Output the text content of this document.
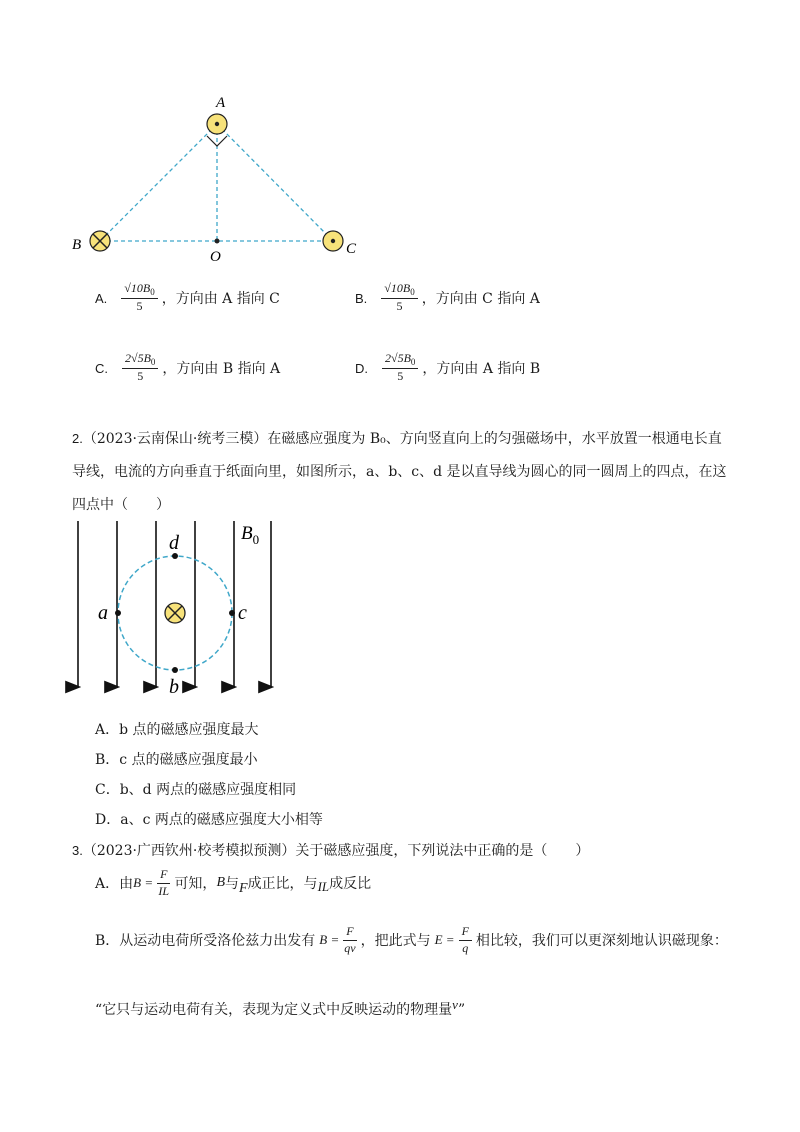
A
B	C
O
A. $\frac{√10B_0}{5}$ ，方向由 A 指向 C	B. $\frac{√10B_0}{5}$ ，方向由 C 指向 A
C. $\frac{2√5B_0}{5}$ ，方向由 B 指向 A	D. $\frac{2√5B_0}{5}$ ，方向由 A 指向 B
2.（2023·云南保山·统考三模）在磁感应强度为 B₀、方向竖直向上的匀强磁场中，水平放置一根通电长直
导线，电流的方向垂直于纸面向里，如图所示，a、b、c、d 是以直导线为圆心的同一圆周上的四点，在这
四点中（　　）
a	c
d
b
$B_0$
A．b 点的磁感应强度最大
B．c 点的磁感应强度最小
C．b、d 两点的磁感应强度相同
D．a、c 两点的磁感应强度大小相等
3.（2023·广西钦州·校考模拟预测）关于磁感应强度，下列说法中正确的是（　　）
A．由 $B = \frac{F}{IL}$ 可知， B 与 F 成正比，与 IL 成反比
B．从运动电荷所受洛伦兹力出发有 $B = \frac{F}{qv}$ ，把此式与 $E = \frac{F}{q}$ 相比较，我们可以更深刻地认识磁现象：
“它只与运动电荷有关，表现为定义式中反映运动的物理量v”
